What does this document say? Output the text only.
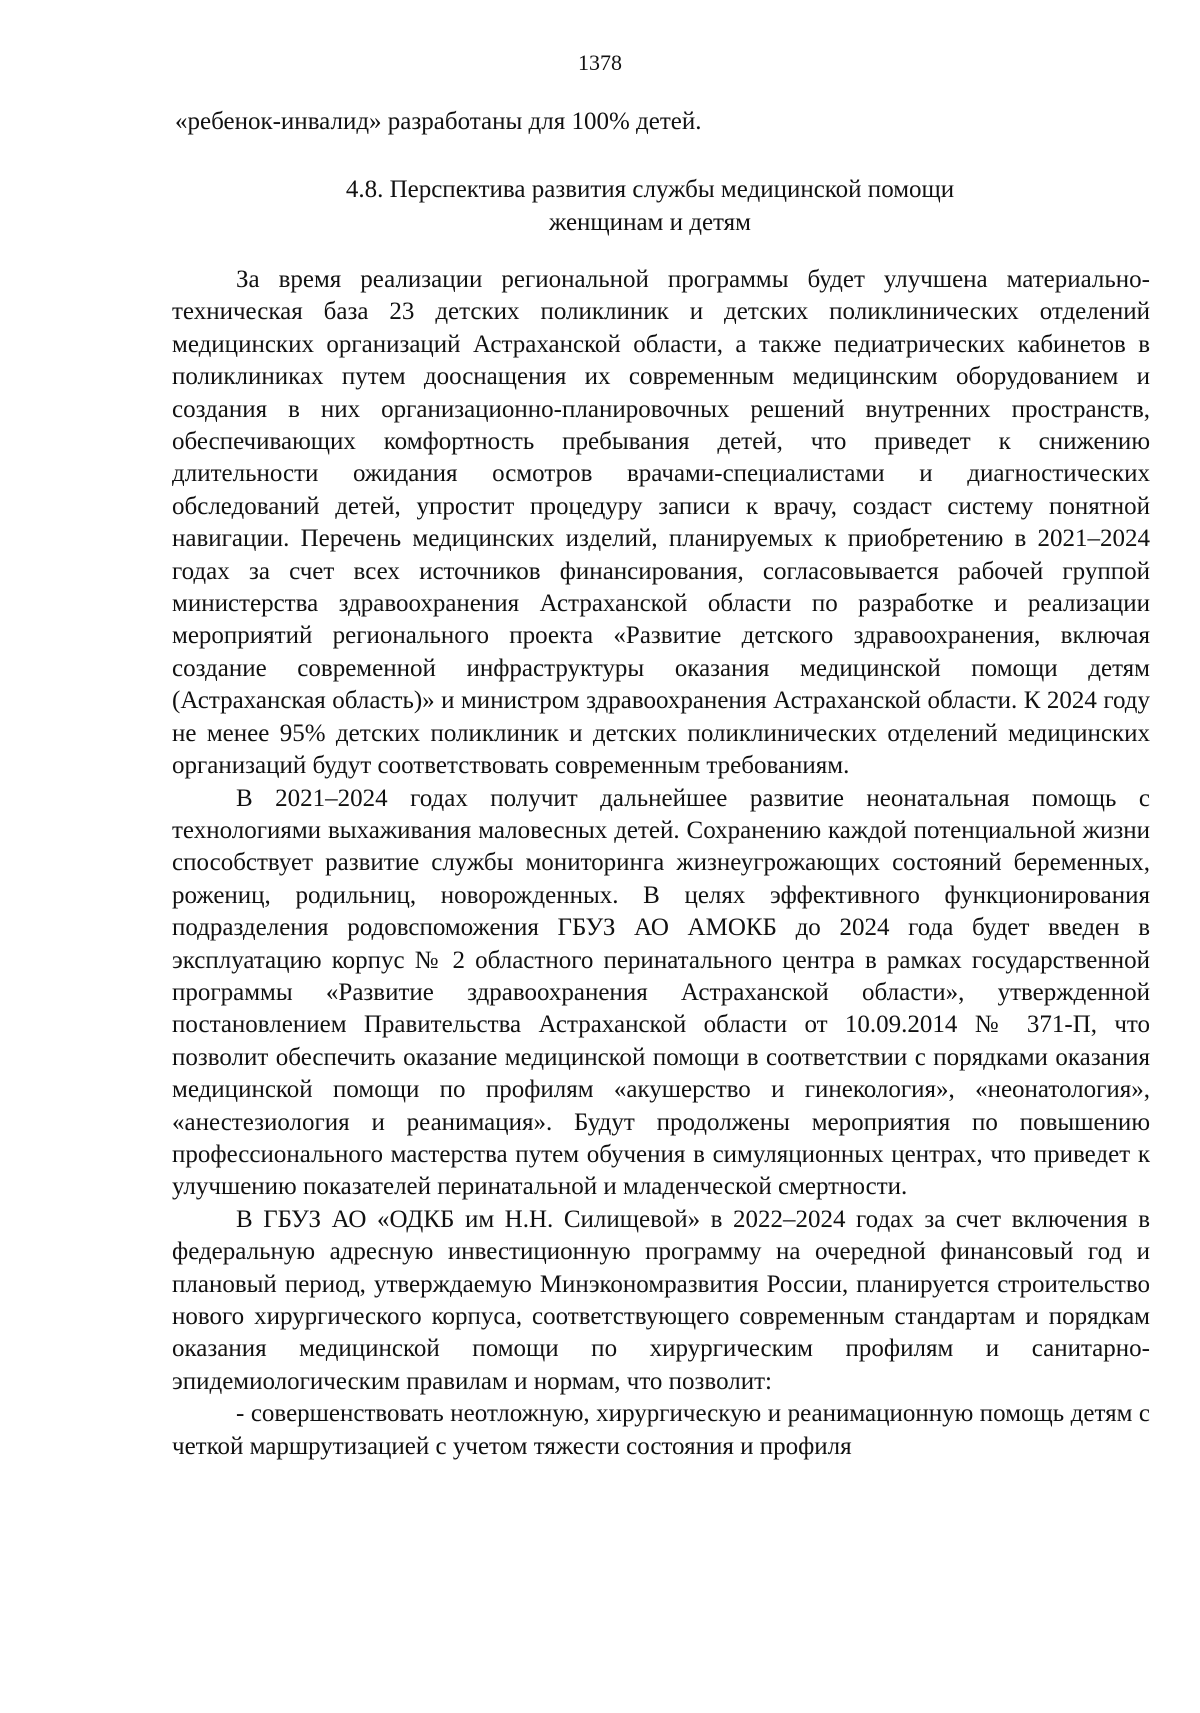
1378
«ребенок-инвалид» разработаны для 100% детей.
4.8. Перспектива развития службы медицинской помощи
женщинам и детям

За время реализации региональной программы будет улучшена материально-техническая база 23 детских поликлиник и детских поликлинических отделений медицинских организаций Астраханской области, а также педиатрических кабинетов в поликлиниках путем дооснащения их современным медицинским оборудованием и создания в них организационно-планировочных решений внутренних пространств, обеспечивающих комфортность пребывания детей, что приведет к снижению длительности ожидания осмотров врачами-специалистами и диагностических обследований детей, упростит процедуру записи к врачу, создаст систему понятной навигации. Перечень медицинских изделий, планируемых к приобретению в 2021–2024 годах за счет всех источников финансирования, согласовывается рабочей группой министерства здравоохранения Астраханской области по разработке и реализации мероприятий регионального проекта «Развитие детского здравоохранения, включая создание современной инфраструктуры оказания медицинской помощи детям (Астраханская область)» и министром здравоохранения Астраханской области. К 2024 году не менее 95% детских поликлиник и детских поликлинических отделений медицинских организаций будут соответствовать современным требованиям.

В 2021–2024 годах получит дальнейшее развитие неонатальная помощь с технологиями выхаживания маловесных детей. Сохранению каждой потенциальной жизни способствует развитие службы мониторинга жизнеугрожающих состояний беременных, рожениц, родильниц, новорожденных. В целях эффективного функционирования подразделения родовспоможения ГБУЗ АО АМОКБ до 2024 года будет введен в эксплуатацию корпус № 2 областного перинатального центра в рамках государственной программы «Развитие здравоохранения Астраханской области», утвержденной постановлением Правительства Астраханской области от 10.09.2014 № 371-П, что позволит обеспечить оказание медицинской помощи в соответствии с порядками оказания медицинской помощи по профилям «акушерство и гинекология», «неонатология», «анестезиология и реанимация». Будут продолжены мероприятия по повышению профессионального мастерства путем обучения в симуляционных центрах, что приведет к улучшению показателей перинатальной и младенческой смертности.

В ГБУЗ АО «ОДКБ им Н.Н. Силищевой» в 2022–2024 годах за счет включения в федеральную адресную инвестиционную программу на очередной финансовый год и плановый период, утверждаемую Минэкономразвития России, планируется строительство нового хирургического корпуса, соответствующего современным стандартам и порядкам оказания медицинской помощи по хирургическим профилям и санитарно-эпидемиологическим правилам и нормам, что позволит:

- совершенствовать неотложную, хирургическую и реанимационную помощь детям с четкой маршрутизацией с учетом тяжести состояния и профиля
